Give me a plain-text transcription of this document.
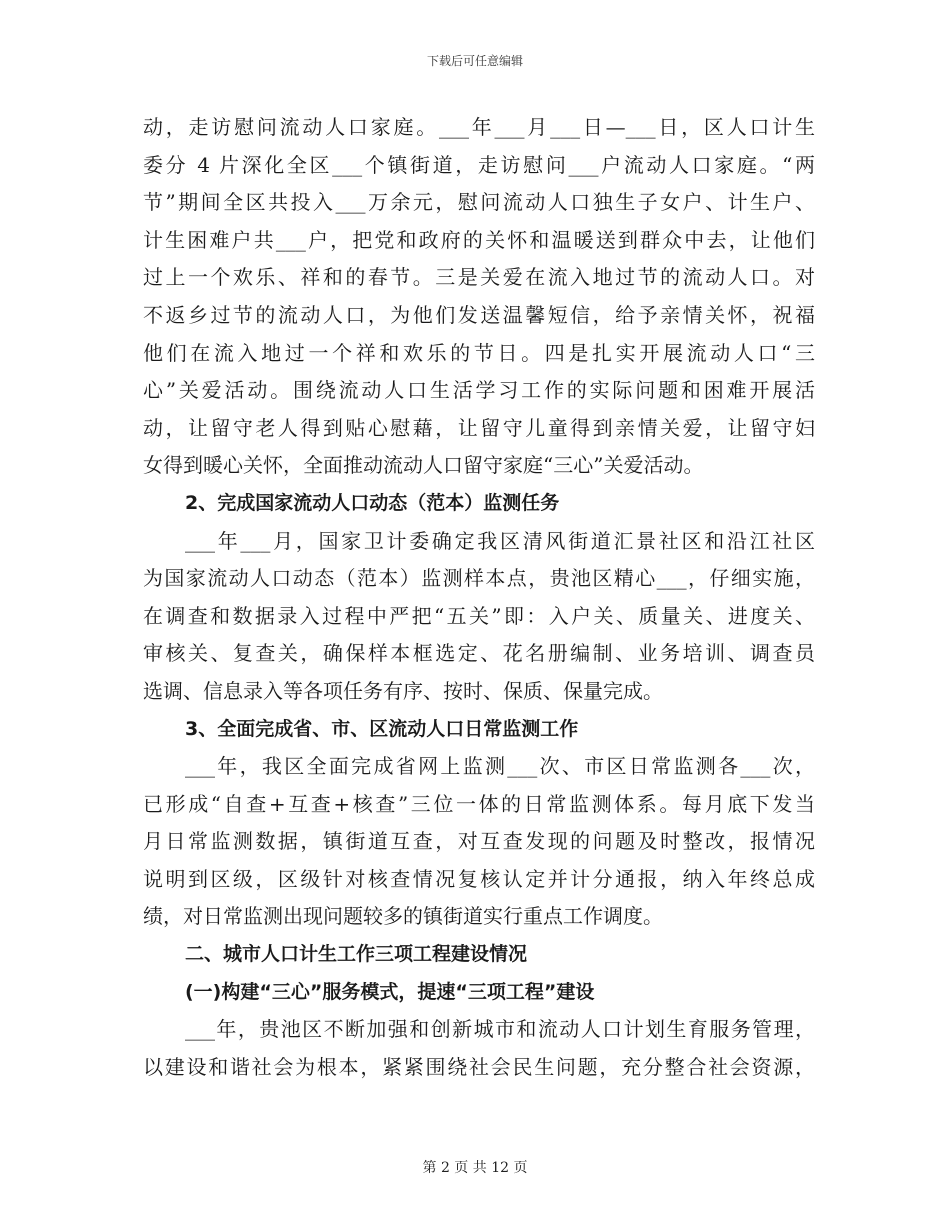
下载后可任意编辑
动，走访慰问流动人口家庭。___年___月___日—___日，区人口计生
委分 4 片深化全区___个镇街道，走访慰问___户流动人口家庭。“两
节”期间全区共投入___万余元，慰问流动人口独生子女户、计生户、
计生困难户共___户，把党和政府的关怀和温暖送到群众中去，让他们
过上一个欢乐、祥和的春节。三是关爱在流入地过节的流动人口。对
不返乡过节的流动人口，为他们发送温馨短信，给予亲情关怀，祝福
他们在流入地过一个祥和欢乐的节日。四是扎实开展流动人口“三
心”关爱活动。围绕流动人口生活学习工作的实际问题和困难开展活
动，让留守老人得到贴心慰藉，让留守儿童得到亲情关爱，让留守妇
女得到暖心关怀，全面推动流动人口留守家庭“三心”关爱活动。
2、完成国家流动人口动态（范本）监测任务
___年___月，国家卫计委确定我区清风街道汇景社区和沿江社区
为国家流动人口动态（范本）监测样本点，贵池区精心___，仔细实施，
在调查和数据录入过程中严把“五关”即：入户关、质量关、进度关、
审核关、复查关，确保样本框选定、花名册编制、业务培训、调查员
选调、信息录入等各项任务有序、按时、保质、保量完成。
3、全面完成省、市、区流动人口日常监测工作
___年，我区全面完成省网上监测___次、市区日常监测各___次，
已形成“自查+互查+核查”三位一体的日常监测体系。每月底下发当
月日常监测数据，镇街道互查，对互查发现的问题及时整改，报情况
说明到区级，区级针对核查情况复核认定并计分通报，纳入年终总成
绩，对日常监测出现问题较多的镇街道实行重点工作调度。
二、城市人口计生工作三项工程建设情况
(一)构建“三心”服务模式，提速“三项工程”建设
___年，贵池区不断加强和创新城市和流动人口计划生育服务管理，
以建设和谐社会为根本，紧紧围绕社会民生问题，充分整合社会资源，
第 2 页 共 12 页
